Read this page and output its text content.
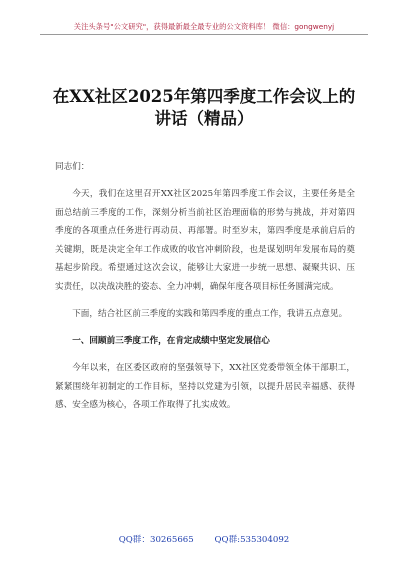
关注头条号"公文研究"，获得最新最全最专业的公文资料库！ 微信：gongwenyj
在XX社区2025年第四季度工作会议上的
讲话（精品）

同志们：

今天，我们在这里召开XX社区2025年第四季度工作会议，主要任务是全面总结前三季度的工作，深刻分析当前社区治理面临的形势与挑战，并对第四季度的各项重点任务进行再动员、再部署。时至岁末，第四季度是承前启后的关键期，既是决定全年工作成败的收官冲刺阶段，也是谋划明年发展布局的奠基起步阶段。希望通过这次会议，能够让大家进一步统一思想、凝聚共识、压实责任，以决战决胜的姿态、全力冲刺，确保年度各项目标任务圆满完成。

下面，结合社区前三季度的实践和第四季度的重点工作，我讲五点意见。

一、回顾前三季度工作，在肯定成绩中坚定发展信心

今年以来，在区委区政府的坚强领导下，XX社区党委带领全体干部职工，紧紧围绕年初制定的工作目标，坚持以党建为引领，以提升居民幸福感、获得感、安全感为核心，各项工作取得了扎实成效。

QQ群：30265665 QQ群:535304092
